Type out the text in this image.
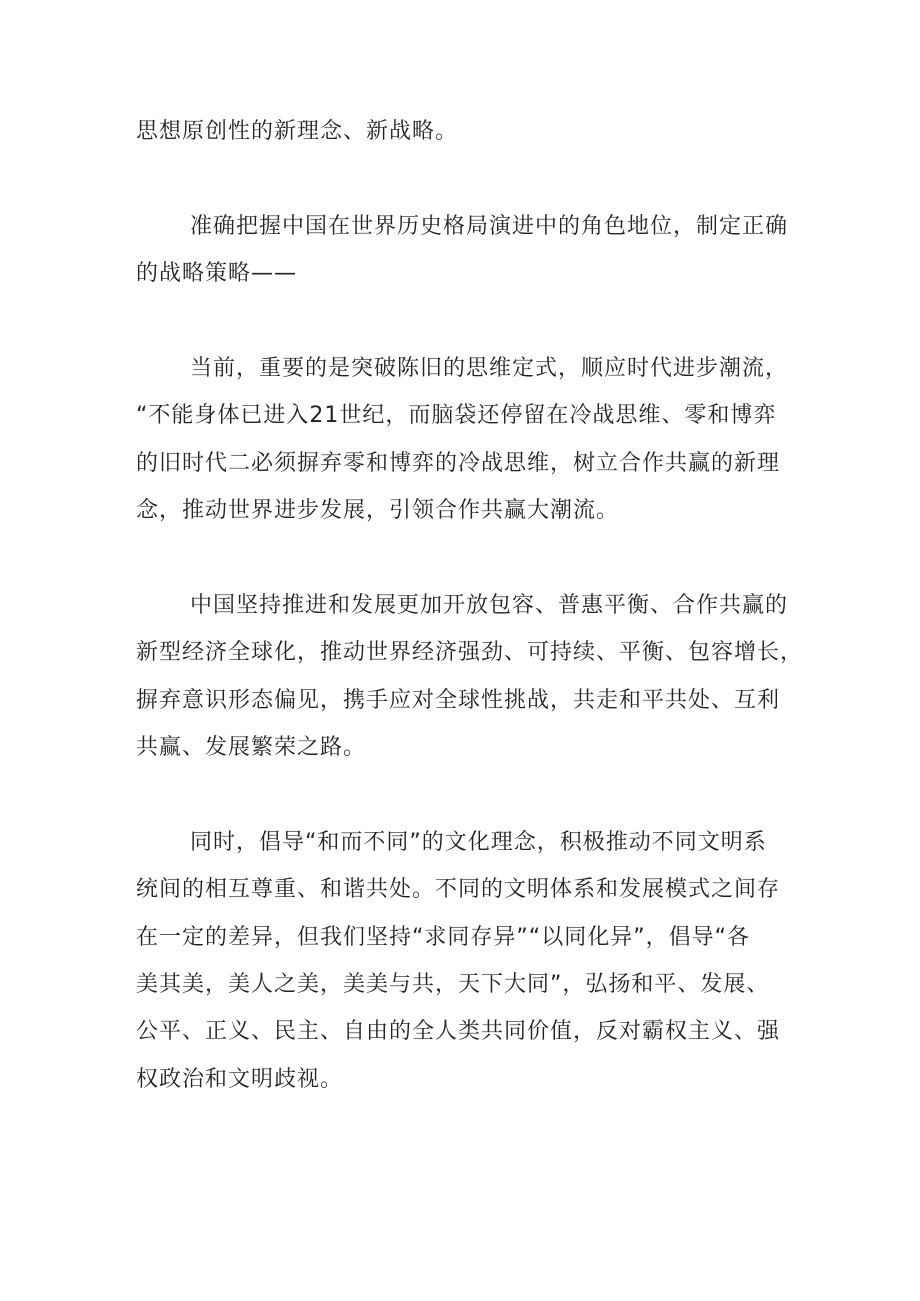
思想原创性的新理念、新战略。
准确把握中国在世界历史格局演进中的角色地位，制定正确
的战略策略——
当前，重要的是突破陈旧的思维定式，顺应时代进步潮流，
“不能身体已进入21世纪，而脑袋还停留在冷战思维、零和博弈
的旧时代二必须摒弃零和博弈的冷战思维，树立合作共赢的新理
念，推动世界进步发展，引领合作共赢大潮流。
中国坚持推进和发展更加开放包容、普惠平衡、合作共赢的
新型经济全球化，推动世界经济强劲、可持续、平衡、包容增长，
摒弃意识形态偏见，携手应对全球性挑战，共走和平共处、互利
共赢、发展繁荣之路。
同时，倡导“和而不同”的文化理念，积极推动不同文明系
统间的相互尊重、和谐共处。不同的文明体系和发展模式之间存
在一定的差异，但我们坚持“求同存异”“以同化异”，倡导“各
美其美，美人之美，美美与共，天下大同”，弘扬和平、发展、
公平、正义、民主、自由的全人类共同价值，反对霸权主义、强
权政治和文明歧视。
